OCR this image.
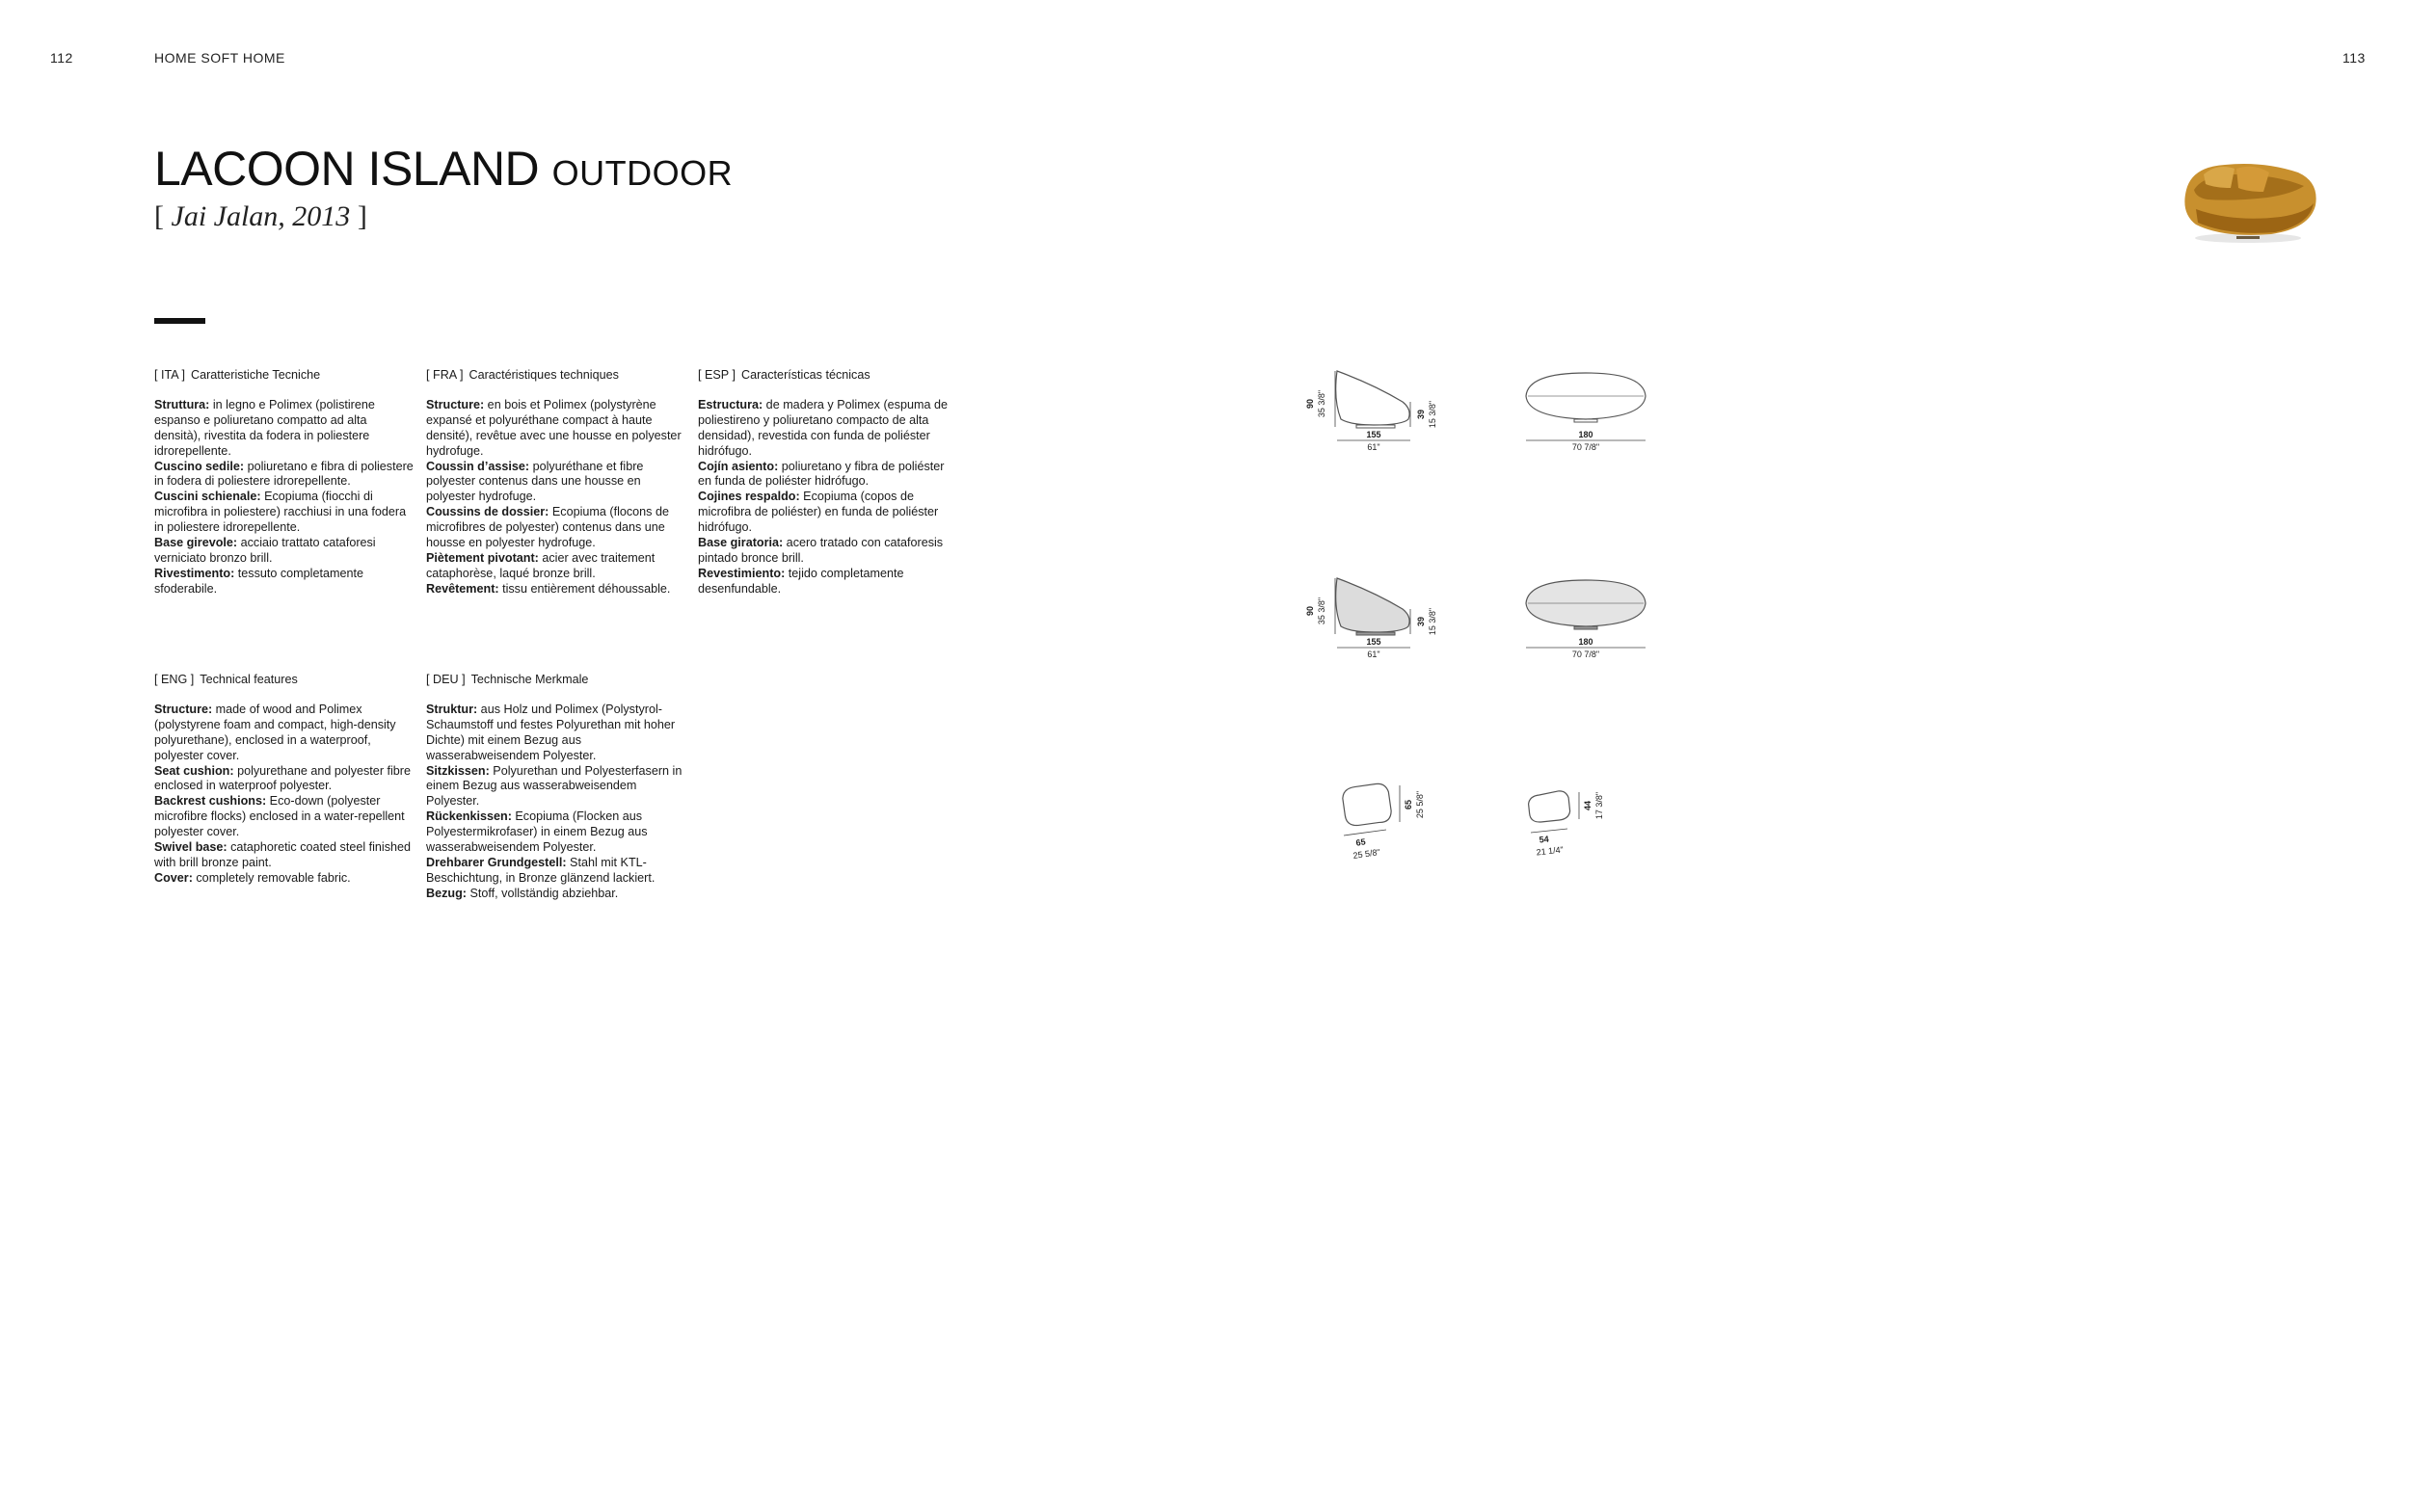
112	HOME SOFT HOME	113
LACOON ISLAND OUTDOOR
[ Jai Jalan, 2013 ]
[ ITA ] Caratteristiche Tecniche

Struttura: in legno e Polimex (polistirene espanso e poliuretano compatto ad alta densità), rivestita da fodera in poliestere idrorepellente.
Cuscino sedile: poliuretano e fibra di poliestere in fodera di poliestere idrorepellente.
Cuscini schienale: Ecopiuma (fiocchi di microfibra in poliestere) racchiusi in una fodera in poliestere idrorepellente.
Base girevole: acciaio trattato cataforesi verniciato bronzo brill.
Rivestimento: tessuto completamente sfoderabile.

[ FRA ] Caractéristiques techniques

Structure: en bois et Polimex (polystyrène expansé et polyuréthane compact à haute densité), revêtue avec une housse en polyester hydrofuge.
Coussin d’assise: polyuréthane et fibre polyester contenus dans une housse en polyester hydrofuge.
Coussins de dossier: Ecopiuma (flocons de microfibres de polyester) contenus dans une housse en polyester hydrofuge.
Piètement pivotant: acier avec traitement cataphorèse, laqué bronze brill.
Revêtement: tissu entièrement déhoussable.

[ ESP ] Características técnicas

Estructura: de madera y Polimex (espuma de poliestireno y poliuretano compacto de alta densidad), revestida con funda de poliéster hidrófugo.
Cojín asiento: poliuretano y fibra de poliéster en funda de poliéster hidrófugo.
Cojines respaldo: Ecopiuma (copos de microfibra de poliéster) en funda de poliéster hidrófugo.
Base giratoria: acero tratado con cataforesis pintado bronce brill.
Revestimiento: tejido completamente desenfundable.

[ ENG ] Technical features

Structure: made of wood and Polimex (polystyrene foam and compact, high-density polyurethane), enclosed in a waterproof, polyester cover.
Seat cushion: polyurethane and polyester fibre enclosed in waterproof polyester.
Backrest cushions: Eco-down (polyester microfibre flocks) enclosed in a water-repellent polyester cover.
Swivel base: cataphoretic coated steel finished with brill bronze paint.
Cover: completely removable fabric.

[ DEU ] Technische Merkmale

Struktur: aus Holz und Polimex (Polystyrol-Schaumstoff und festes Polyurethan mit hoher Dichte) mit einem Bezug aus wasserabweisendem Polyester.
Sitzkissen: Polyurethan und Polyesterfasern in einem Bezug aus wasserabweisendem Polyester.
Rückenkissen: Ecopiuma (Flocken aus Polyestermikrofaser) in einem Bezug aus wasserabweisendem Polyester.
Drehbarer Grundgestell: Stahl mit KTL-Beschichtung, in Bronze glänzend lackiert.
Bezug: Stoff, vollständig abziehbar.

90 35 3/8"	39 15 3/8"
155
61"
180
70 7/8"
90 35 3/8"	39 15 3/8"
155
61"
180
70 7/8"
65 25 5/8"
65
25 5/8"
44 17 3/8"
54
21 1/4"
